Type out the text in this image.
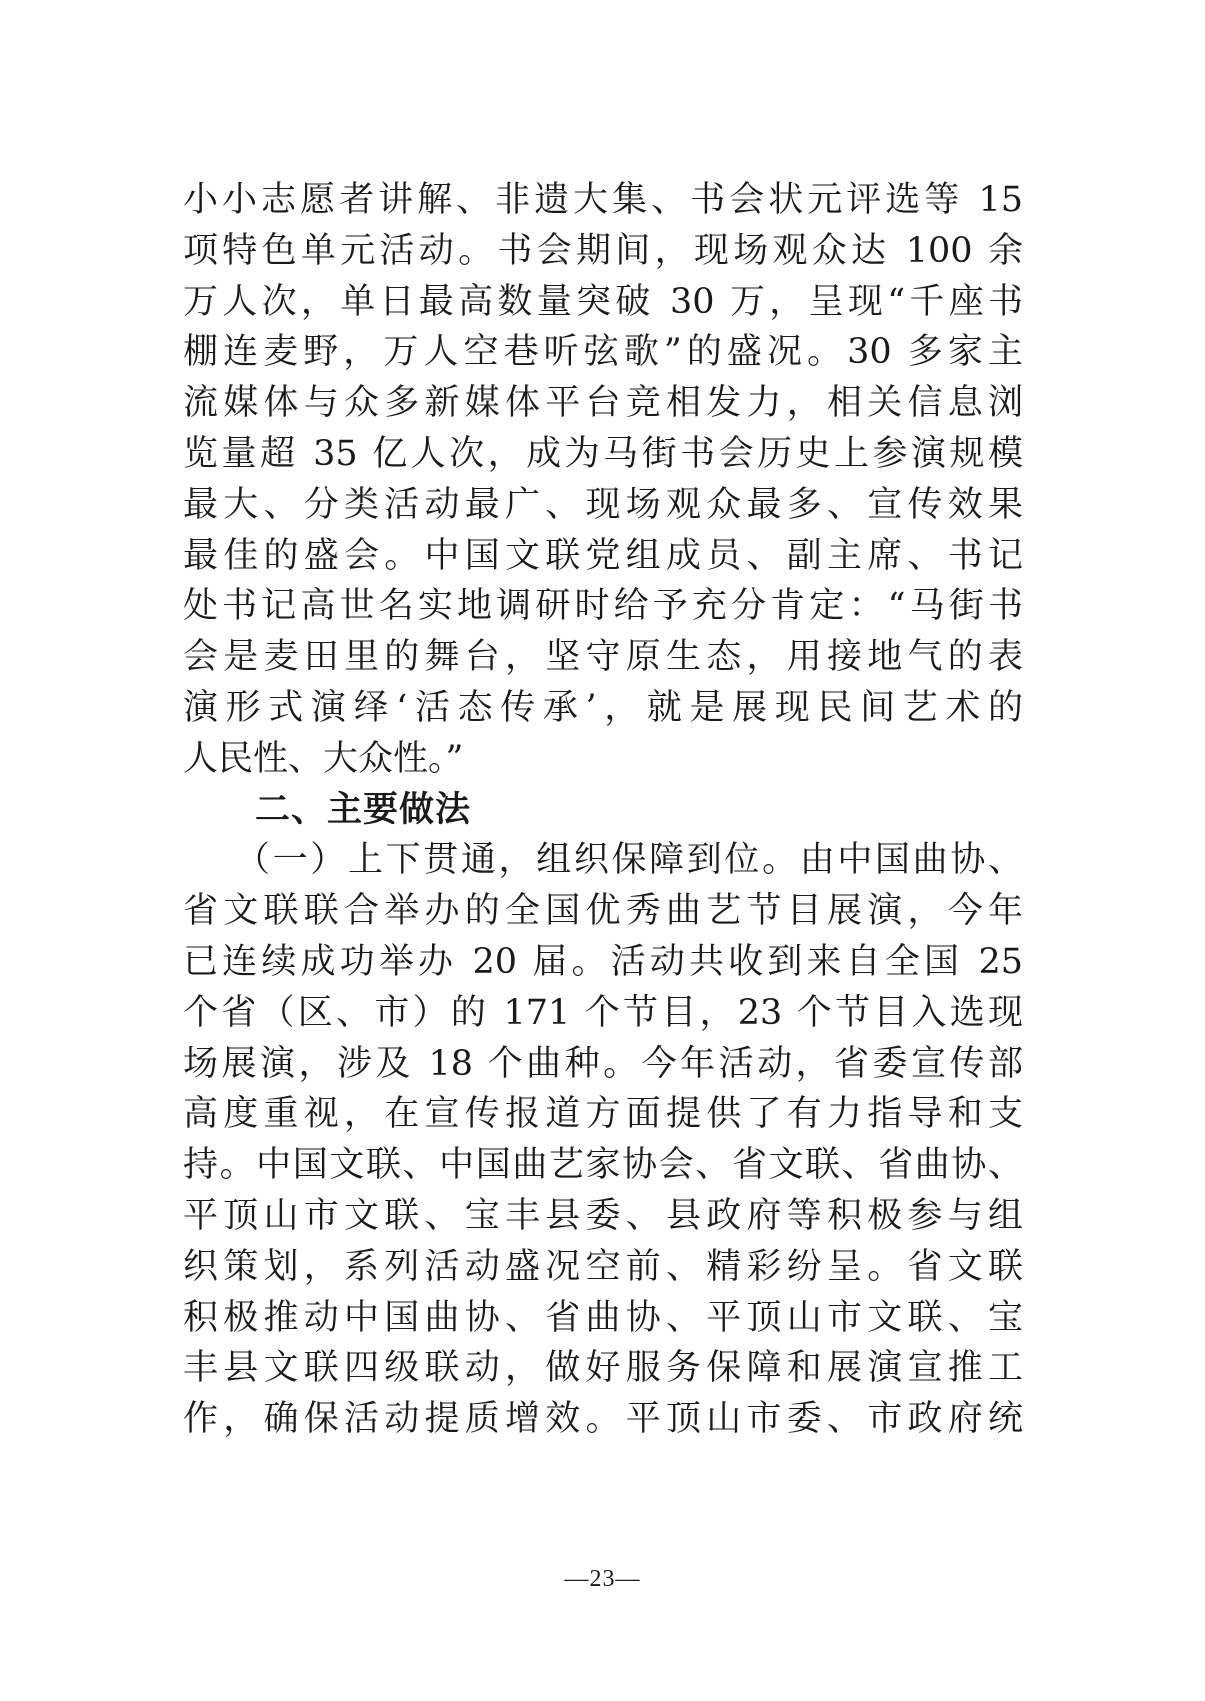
小小志愿者讲解、非遗大集、书会状元评选等 15
项特色单元活动。书会期间，现场观众达 100 余
万人次，单日最高数量突破 30 万，呈现“千座书
棚连麦野，万人空巷听弦歌”的盛况。30 多家主
流媒体与众多新媒体平台竞相发力，相关信息浏
览量超 35 亿人次，成为马街书会历史上参演规模
最大、分类活动最广、现场观众最多、宣传效果
最佳的盛会。中国文联党组成员、副主席、书记
处书记高世名实地调研时给予充分肯定：“马街书
会是麦田里的舞台，坚守原生态，用接地气的表
演形式演绎‘活态传承’，就是展现民间艺术的
人民性、大众性。”
二、主要做法
（一）上下贯通，组织保障到位。由中国曲协、
省文联联合举办的全国优秀曲艺节目展演，今年
已连续成功举办 20 届。活动共收到来自全国 25
个省（区、市）的 171 个节目，23 个节目入选现
场展演，涉及 18 个曲种。今年活动，省委宣传部
高度重视，在宣传报道方面提供了有力指导和支
持。中国文联、中国曲艺家协会、省文联、省曲协、
平顶山市文联、宝丰县委、县政府等积极参与组
织策划，系列活动盛况空前、精彩纷呈。省文联
积极推动中国曲协、省曲协、平顶山市文联、宝
丰县文联四级联动，做好服务保障和展演宣推工
作，确保活动提质增效。平顶山市委、市政府统
—23—
